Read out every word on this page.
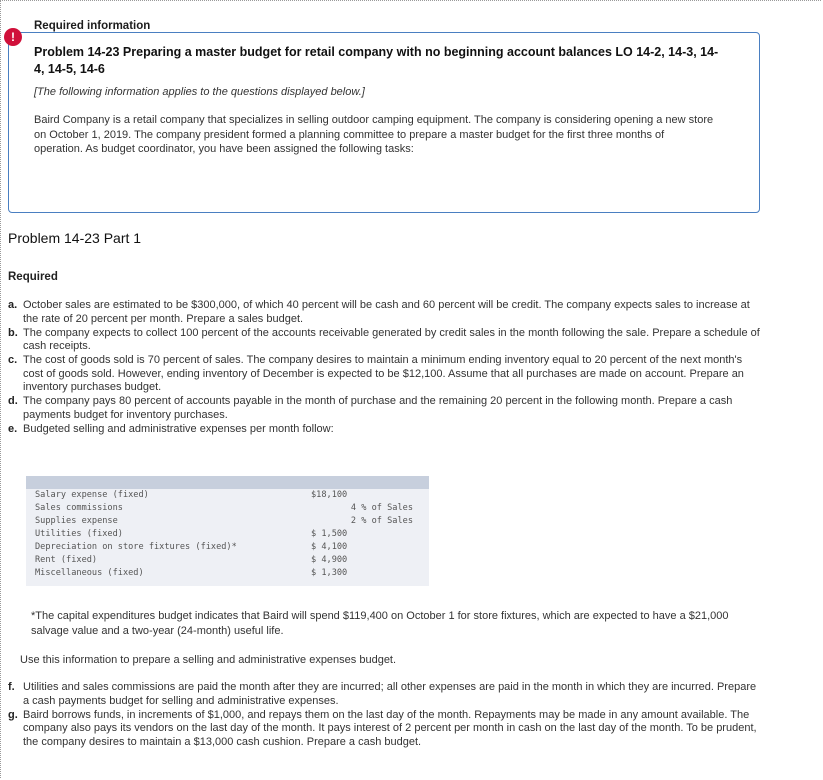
!
Required information
Problem 14-23 Preparing a master budget for retail company with no beginning account balances LO 14-2, 14-3, 14-4, 14-5, 14-6
[The following information applies to the questions displayed below.]
Baird Company is a retail company that specializes in selling outdoor camping equipment. The company is considering opening a new store on October 1, 2019. The company president formed a planning committee to prepare a master budget for the first three months of operation. As budget coordinator, you have been assigned the following tasks:
Problem 14-23 Part 1
Required
a. October sales are estimated to be $300,000, of which 40 percent will be cash and 60 percent will be credit. The company expects sales to increase at the rate of 20 percent per month. Prepare a sales budget.
b. The company expects to collect 100 percent of the accounts receivable generated by credit sales in the month following the sale. Prepare a schedule of cash receipts.
c. The cost of goods sold is 70 percent of sales. The company desires to maintain a minimum ending inventory equal to 20 percent of the next month's cost of goods sold. However, ending inventory of December is expected to be $12,100. Assume that all purchases are made on account. Prepare an inventory purchases budget.
d. The company pays 80 percent of accounts payable in the month of purchase and the remaining 20 percent in the following month. Prepare a cash payments budget for inventory purchases.
e. Budgeted selling and administrative expenses per month follow:
Salary expense (fixed)	$18,100
Sales commissions	4 % of Sales
Supplies expense	2 % of Sales
Utilities (fixed)	$ 1,500
Depreciation on store fixtures (fixed)*	$ 4,100
Rent (fixed)	$ 4,900
Miscellaneous (fixed)	$ 1,300
*The capital expenditures budget indicates that Baird will spend $119,400 on October 1 for store fixtures, which are expected to have a $21,000 salvage value and a two-year (24-month) useful life.
Use this information to prepare a selling and administrative expenses budget.
f. Utilities and sales commissions are paid the month after they are incurred; all other expenses are paid in the month in which they are incurred. Prepare a cash payments budget for selling and administrative expenses.
g. Baird borrows funds, in increments of $1,000, and repays them on the last day of the month. Repayments may be made in any amount available. The company also pays its vendors on the last day of the month. It pays interest of 2 percent per month in cash on the last day of the month. To be prudent, the company desires to maintain a $13,000 cash cushion. Prepare a cash budget.
